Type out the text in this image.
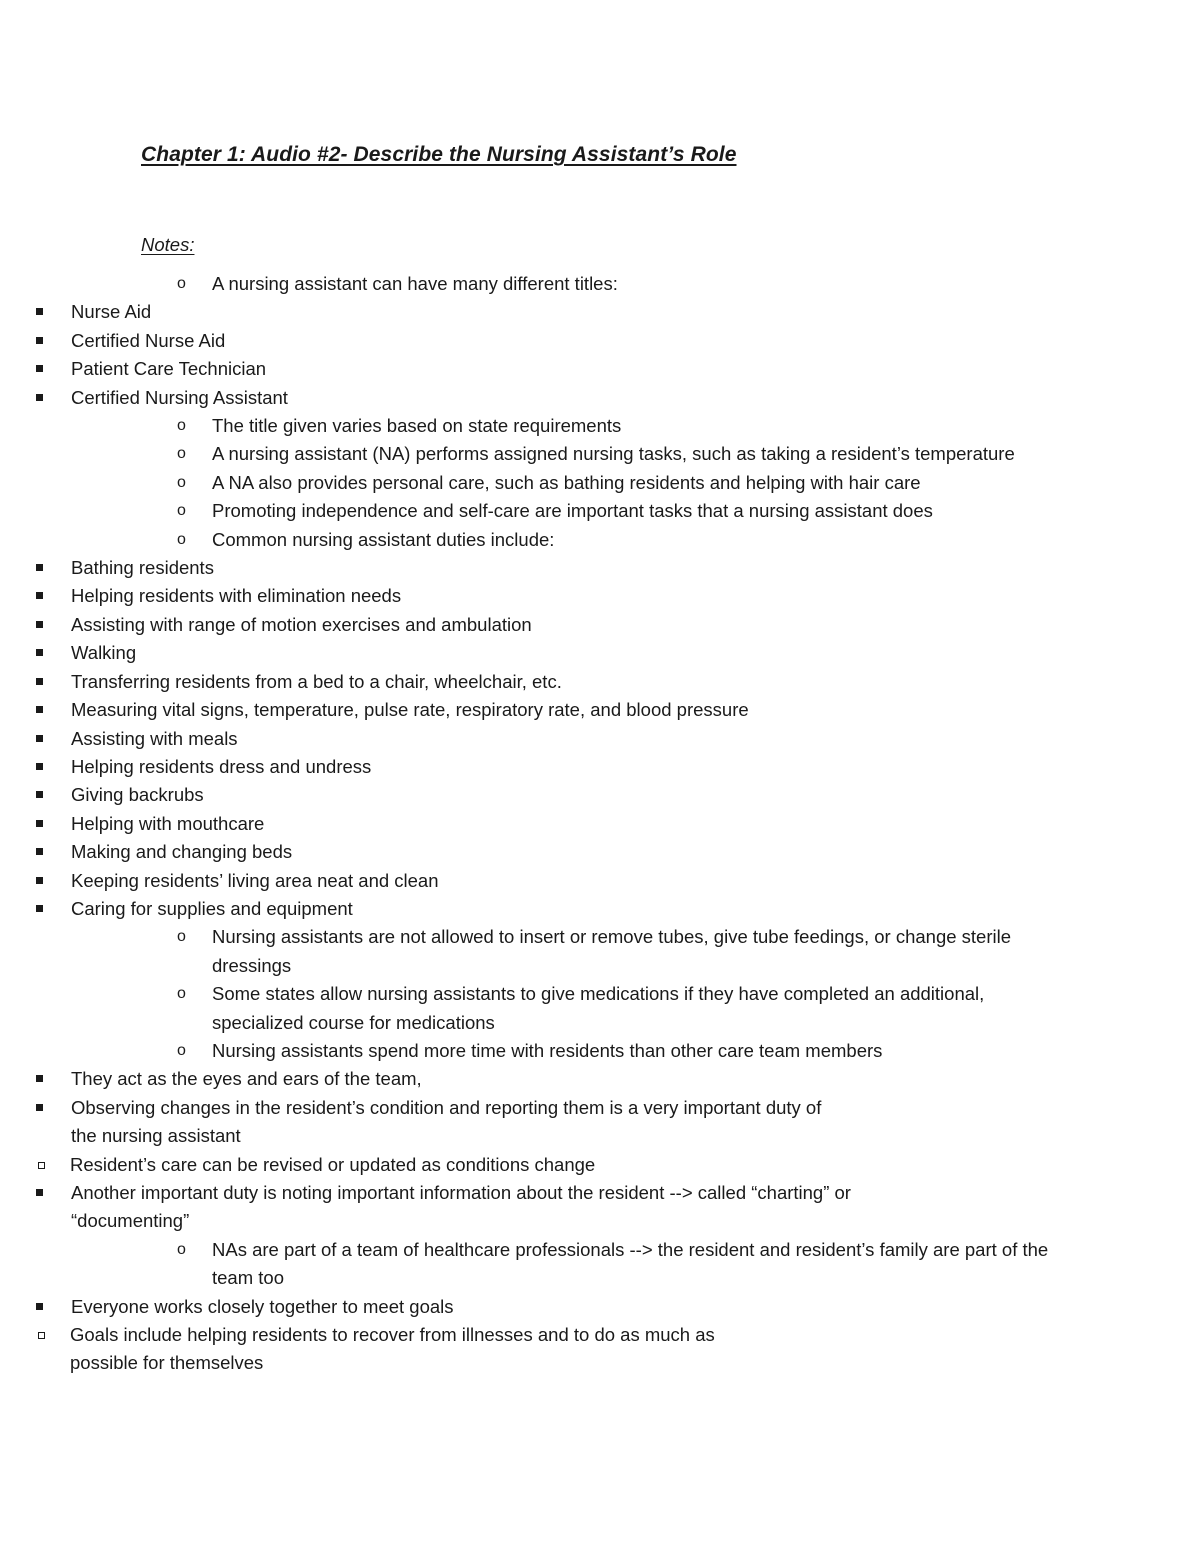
Chapter 1: Audio #2- Describe the Nursing Assistant’s Role
Notes:
o A nursing assistant can have many different titles:
Nurse Aid
Certified Nurse Aid
Patient Care Technician
Certified Nursing Assistant
o The title given varies based on state requirements
o A nursing assistant (NA) performs assigned nursing tasks, such as taking a resident’s temperature
o A NA also provides personal care, such as bathing residents and helping with hair care
o Promoting independence and self-care are important tasks that a nursing assistant does
o Common nursing assistant duties include:
Bathing residents
Helping residents with elimination needs
Assisting with range of motion exercises and ambulation
Walking
Transferring residents from a bed to a chair, wheelchair, etc.
Measuring vital signs, temperature, pulse rate, respiratory rate, and blood pressure
Assisting with meals
Helping residents dress and undress
Giving backrubs
Helping with mouthcare
Making and changing beds
Keeping residents’ living area neat and clean
Caring for supplies and equipment
o Nursing assistants are not allowed to insert or remove tubes, give tube feedings, or change sterile dressings
o Some states allow nursing assistants to give medications if they have completed an additional, specialized course for medications
o Nursing assistants spend more time with residents than other care team members
They act as the eyes and ears of the team,
Observing changes in the resident’s condition and reporting them is a very important duty of the nursing assistant
Resident’s care can be revised or updated as conditions change
Another important duty is noting important information about the resident --> called “charting” or “documenting”
o NAs are part of a team of healthcare professionals --> the resident and resident’s family are part of the team too
Everyone works closely together to meet goals
Goals include helping residents to recover from illnesses and to do as much as possible for themselves
